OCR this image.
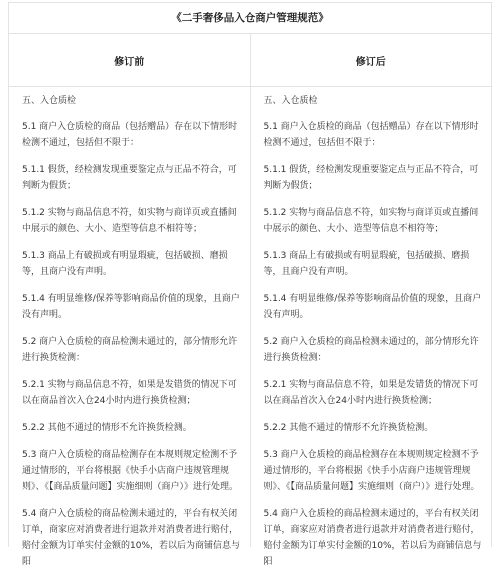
《二手奢侈品入仓商户管理规范》
修订前	修订后

五、入仓质检

5.1 商户入仓质检的商品（包括赠品）存在以下情形时检测不通过，包括但不限于：

5.1.1 假货，经检测发现重要鉴定点与正品不符合，可判断为假货；

5.1.2 实物与商品信息不符，如实物与商详页或直播间中展示的颜色、大小、造型等信息不相符等；

5.1.3 商品上有破损或有明显瑕疵，包括破损、磨损等，且商户没有声明。

5.1.4 有明显维修/保养等影响商品价值的现象，且商户没有声明。

5.2 商户入仓质检的商品检测未通过的，部分情形允许进行换货检测：

5.2.1 实物与商品信息不符，如果是发错货的情况下可以在商品首次入仓24小时内进行换货检测；

5.2.2 其他不通过的情形不允许换货检测。

5.3 商户入仓质检的商品检测存在本规则规定检测不予通过情形的，平台将根据《快手小店商户违规管理规则》、《【商品质量问题】实施细则（商户）》进行处理。

5.4 商户入仓质检的商品检测未通过的，平台有权关闭订单，商家应对消费者进行退款并对消费者进行赔付，赔付金额为订单实付金额的10%，若以后为商铺信息与阳

五、入仓质检

5.1 商户入仓质检的商品（包括赠品）存在以下情形时检测不通过，包括但不限于：

5.1.1 假货，经检测发现重要鉴定点与正品不符合，可判断为假货；

5.1.2 实物与商品信息不符，如实物与商详页或直播间中展示的颜色、大小、造型等信息不相符等；

5.1.3 商品上有破损或有明显瑕疵，包括破损、磨损等，且商户没有声明。

5.1.4 有明显维修/保养等影响商品价值的现象，且商户没有声明。

5.2 商户入仓质检的商品检测未通过的，部分情形允许进行换货检测：

5.2.1 实物与商品信息不符，如果是发错货的情况下可以在商品首次入仓24小时内进行换货检测；

5.2.2 其他不通过的情形不允许换货检测。

5.3 商户入仓质检的商品检测存在本规则规定检测不予通过情形的，平台将根据《快手小店商户违规管理规则》、《【商品质量问题】实施细则（商户）》进行处理。

5.4 商户入仓质检的商品检测未通过的，平台有权关闭订单，商家应对消费者进行退款并对消费者进行赔付，赔付金额为订单实付金额的10%，若以后为商铺信息与阳
